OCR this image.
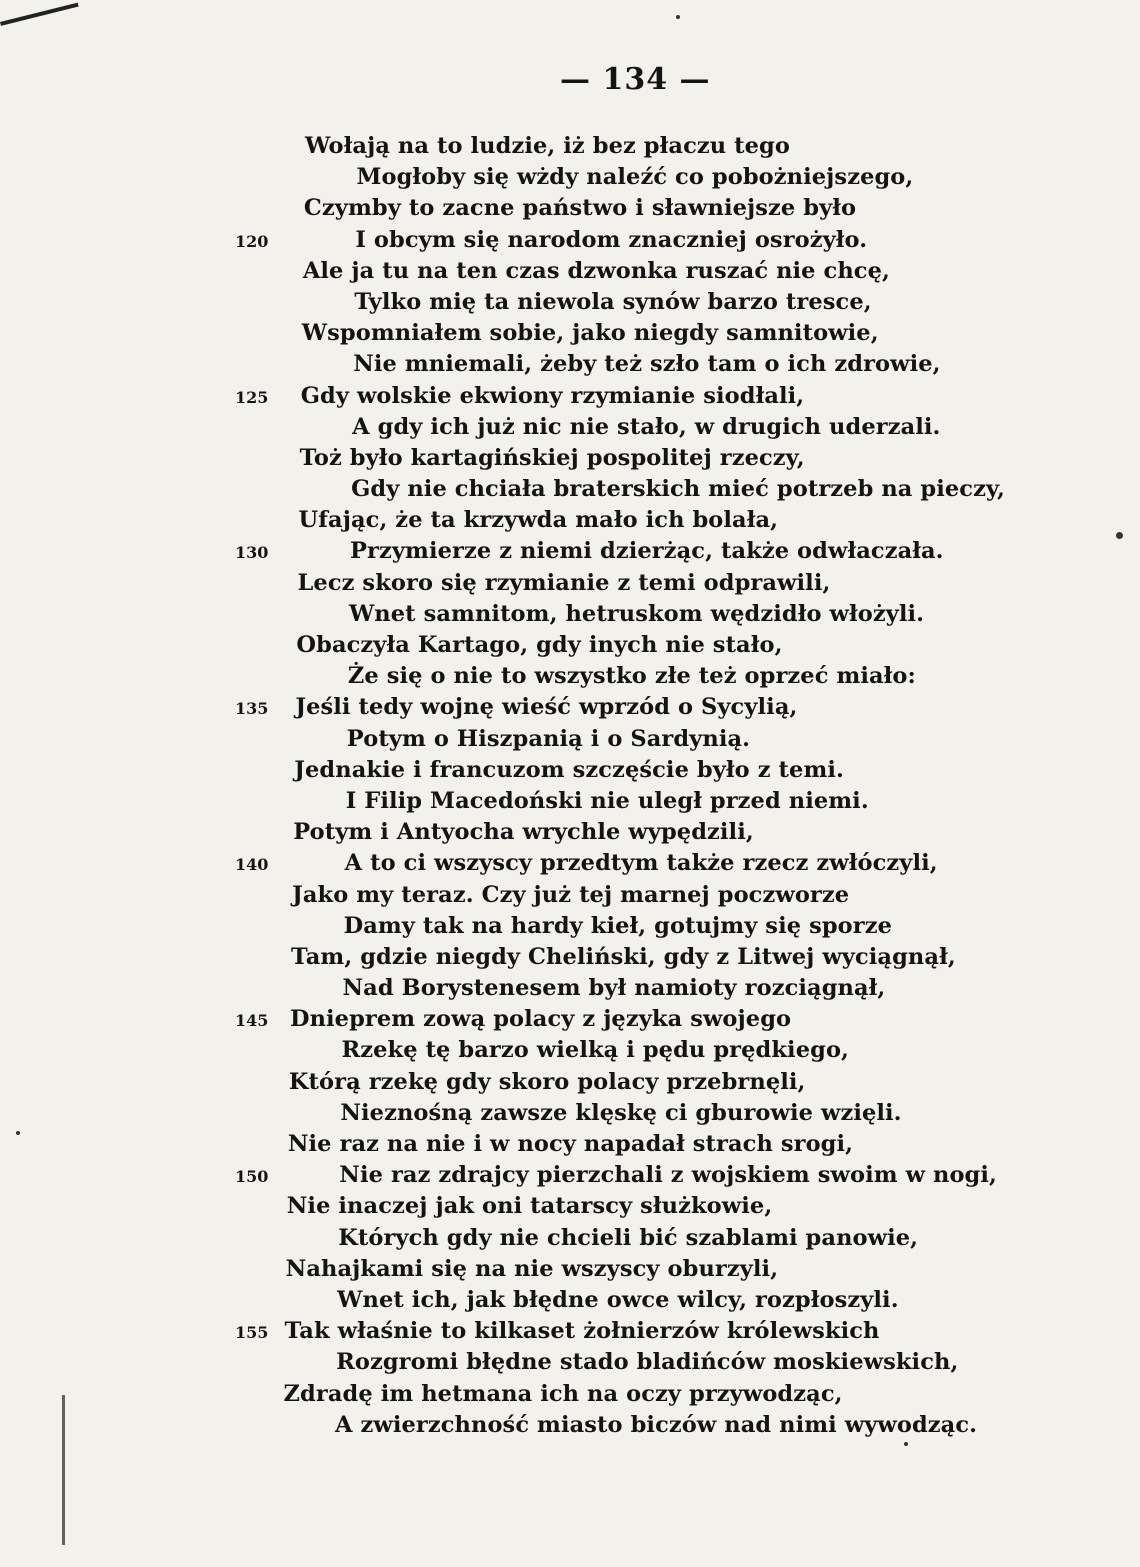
— 134 —
Wołają na to ludzie, iż bez płaczu tego
Mogłoby się wżdy naleźć co pobożniejszego,
Czymby to zacne państwo i sławniejsze było
120	I obcym się narodom znaczniej osrożyło.
Ale ja tu na ten czas dzwonka ruszać nie chcę,
Tylko mię ta niewola synów barzo tresce,
Wspomniałem sobie, jako niegdy samnitowie,
Nie mniemali, żeby też szło tam o ich zdrowie,
125 Gdy wolskie ekwiony rzymianie siodłali,
A gdy ich już nic nie stało, w drugich uderzali.
Toż było kartagińskiej pospolitej rzeczy,
Gdy nie chciała braterskich mieć potrzeb na pieczy,
Ufając, że ta krzywda mało ich bolała,
130	Przymierze z niemi dzierżąc, także odwłaczała.
Lecz skoro się rzymianie z temi odprawili,
Wnet samnitom, hetruskom wędzidło włożyli.
Obaczyła Kartago, gdy inych nie stało,
Że się o nie to wszystko złe też oprzeć miało:
135 Jeśli tedy wojnę wieść wprzód o Sycylią,
Potym o Hiszpanią i o Sardynią.
Jednakie i francuzom szczęście było z temi.
I Filip Macedoński nie uległ przed niemi.
Potym i Antyocha wrychle wypędzili,
140	A to ci wszyscy przedtym także rzecz zwłóczyli,
Jako my teraz. Czy już tej marnej poczworze
Damy tak na hardy kieł, gotujmy się sporze
Tam, gdzie niegdy Cheliński, gdy z Litwej wyciągnął,
Nad Borystenesem był namioty rozciągnął,
145 Dnieprem zową polacy z języka swojego
Rzekę tę barzo wielką i pędu prędkiego,
Którą rzekę gdy skoro polacy przebrnęli,
Nieznośną zawsze klęskę ci gburowie wzięli.
Nie raz na nie i w nocy napadał strach srogi,
150	Nie raz zdrajcy pierzchali z wojskiem swoim w nogi,
Nie inaczej jak oni tatarscy służkowie,
Których gdy nie chcieli bić szablami panowie,
Nahajkami się na nie wszyscy oburzyli,
Wnet ich, jak błędne owce wilcy, rozpłoszyli.
155 Tak właśnie to kilkaset żołnierzów królewskich
Rozgromi błędne stado bladińców moskiewskich,
Zdradę im hetmana ich na oczy przywodząc,
A zwierzchność miasto biczów nad nimi wywodząc.
